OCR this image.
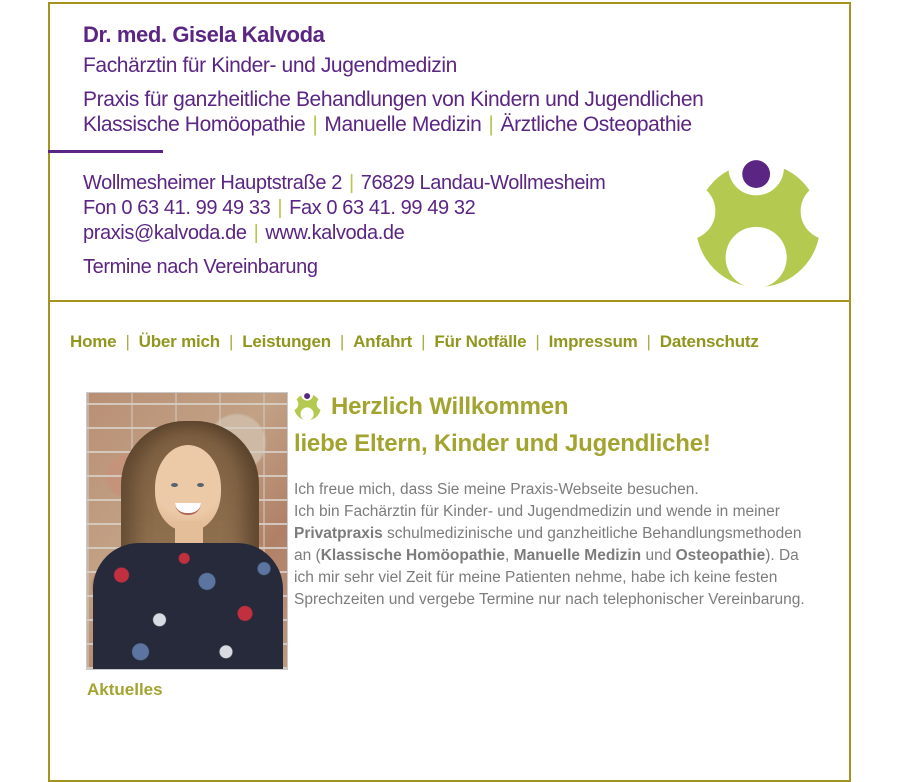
Dr. med. Gisela Kalvoda
Fachärztin für Kinder- und Jugendmedizin
Praxis für ganzheitliche Behandlungen von Kindern und Jugendlichen
Klassische Homöopathie | Manuelle Medizin | Ärztliche Osteopathie
Wollmesheimer Hauptstraße 2 | 76829 Landau-Wollmesheim
Fon 0 63 41. 99 49 33 | Fax 0 63 41. 99 49 32
praxis@kalvoda.de | www.kalvoda.de
Termine nach Vereinbarung
Home | Über mich | Leistungen | Anfahrt | Für Notfälle | Impressum | Datenschutz
Herzlich Willkommen
liebe Eltern, Kinder und Jugendliche!

Ich freue mich, dass Sie meine Praxis-Webseite besuchen.
Ich bin Fachärztin für Kinder- und Jugendmedizin und wende in meiner Privatpraxis schulmedizinische und ganzheitliche Behandlungsmethoden an (Klassische Homöopathie, Manuelle Medizin und Osteopathie). Da ich mir sehr viel Zeit für meine Patienten nehme, habe ich keine festen Sprechzeiten und vergebe Termine nur nach telephonischer Vereinbarung.

Aktuelles
